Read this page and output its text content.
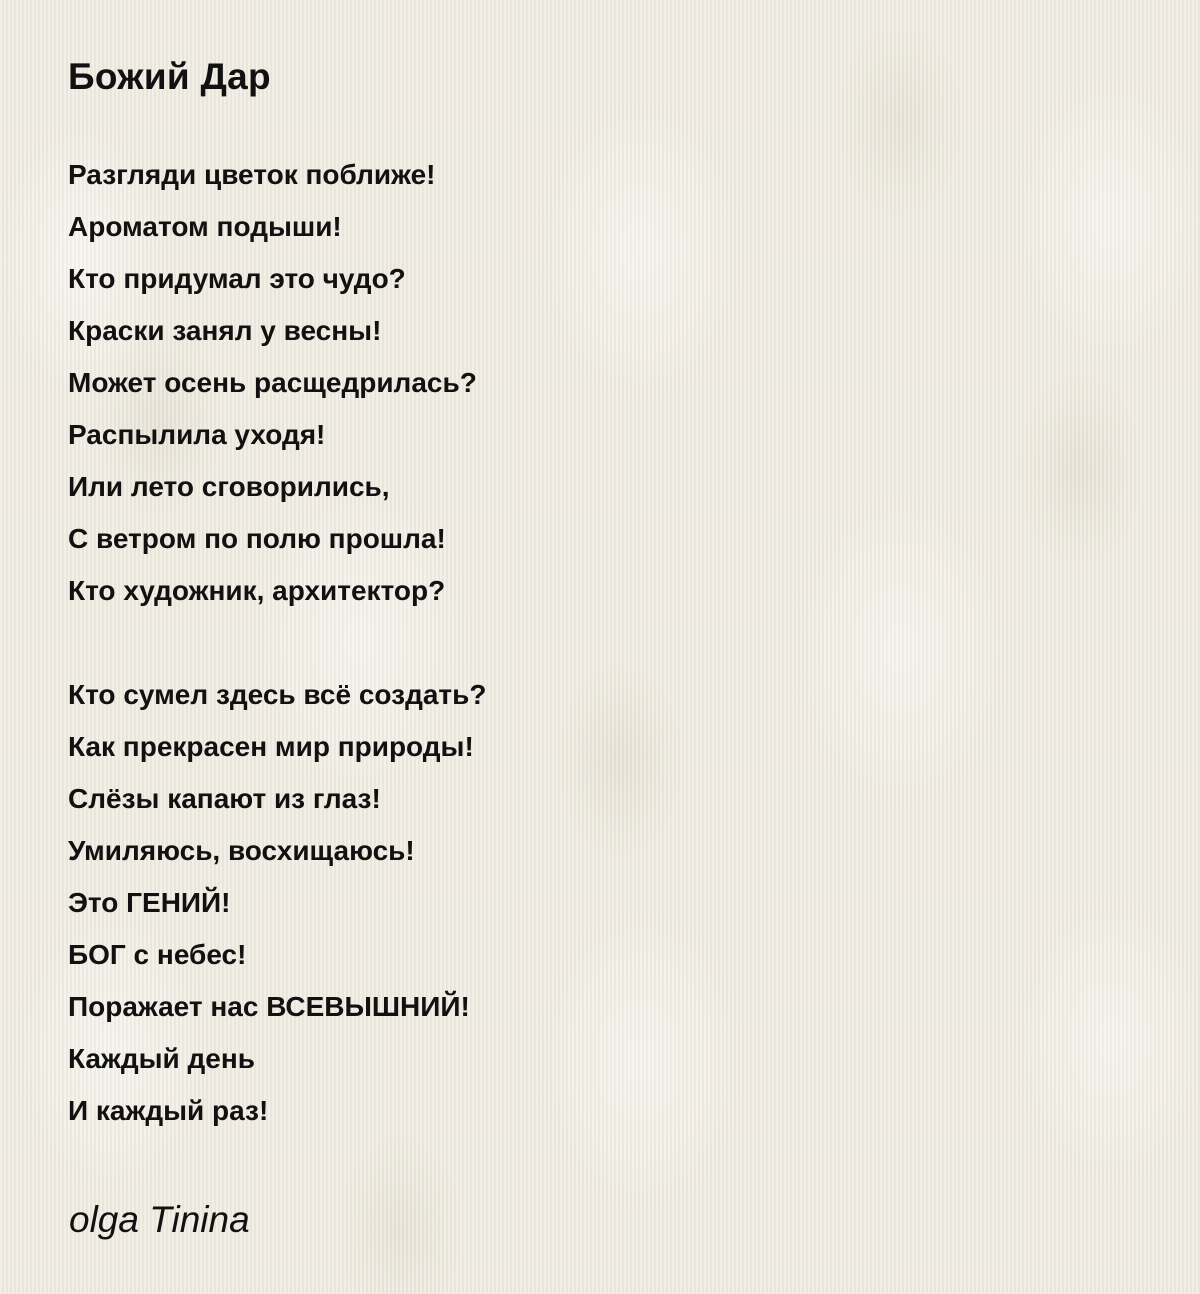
Божий Дар
Разгляди цветок поближе!
Ароматом подыши!
Кто придумал это чудо?
Краски занял у весны!
Может осень расщедрилась?
Распылила уходя!
Или лето сговорились,
С ветром по полю прошла!
Кто художник, архитектор?
Кто сумел здесь всё создать?
Как прекрасен мир природы!
Слёзы капают из глаз!
Умиляюсь, восхищаюсь!
Это ГЕНИЙ!
БОГ с небес!
Поражает нас ВСЕВЫШНИЙ!
Каждый день
И каждый раз!
olga Tinina
